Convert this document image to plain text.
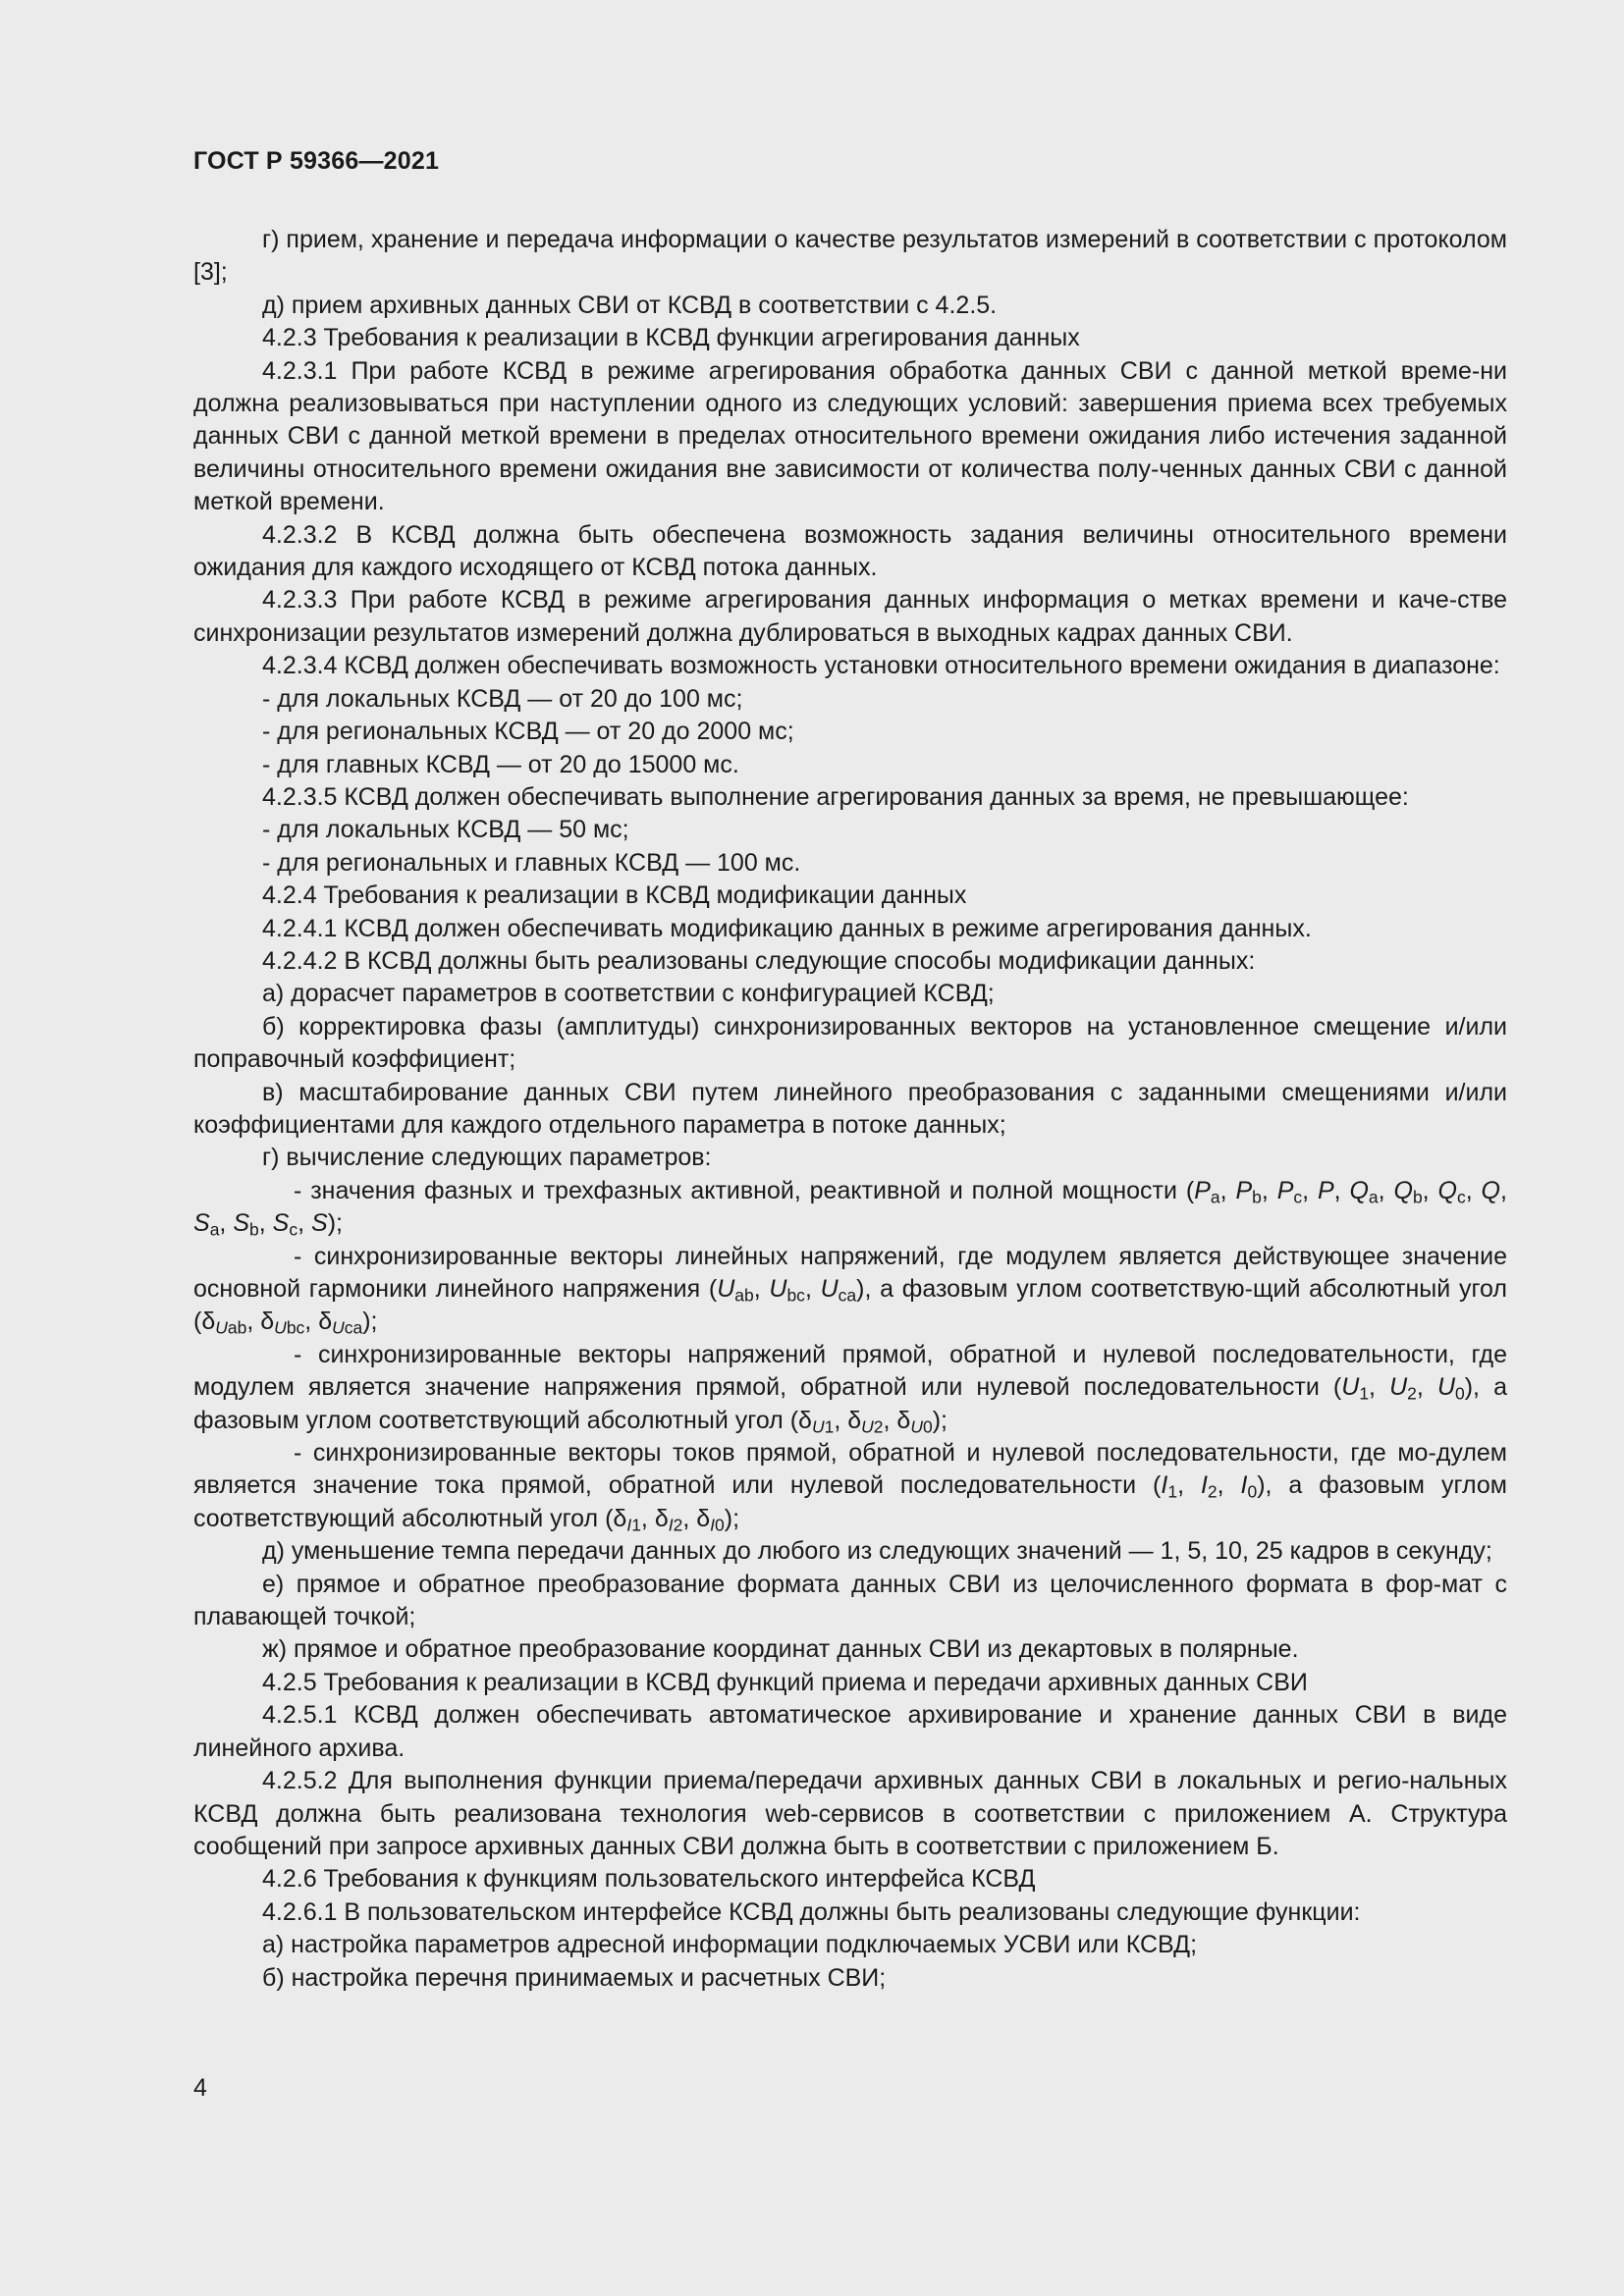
ГОСТ Р 59366—2021

г) прием, хранение и передача информации о качестве результатов измерений в соответствии с протоколом [3];

д) прием архивных данных СВИ от КСВД в соответствии с 4.2.5.

4.2.3 Требования к реализации в КСВД функции агрегирования данных

4.2.3.1 При работе КСВД в режиме агрегирования обработка данных СВИ с данной меткой време-ни должна реализовываться при наступлении одного из следующих условий: завершения приема всех требуемых данных СВИ с данной меткой времени в пределах относительного времени ожидания либо истечения заданной величины относительного времени ожидания вне зависимости от количества полу-ченных данных СВИ с данной меткой времени.

4.2.3.2 В КСВД должна быть обеспечена возможность задания величины относительного времени ожидания для каждого исходящего от КСВД потока данных.

4.2.3.3 При работе КСВД в режиме агрегирования данных информация о метках времени и каче-стве синхронизации результатов измерений должна дублироваться в выходных кадрах данных СВИ.

4.2.3.4 КСВД должен обеспечивать возможность установки относительного времени ожидания в диапазоне:

- для локальных КСВД — от 20 до 100 мс;

- для региональных КСВД — от 20 до 2000 мс;

- для главных КСВД — от 20 до 15000 мс.

4.2.3.5 КСВД должен обеспечивать выполнение агрегирования данных за время, не превышающее:

- для локальных КСВД — 50 мс;

- для региональных и главных КСВД — 100 мс.

4.2.4 Требования к реализации в КСВД модификации данных

4.2.4.1 КСВД должен обеспечивать модификацию данных в режиме агрегирования данных.

4.2.4.2 В КСВД должны быть реализованы следующие способы модификации данных:

а) дорасчет параметров в соответствии с конфигурацией КСВД;

б) корректировка фазы (амплитуды) синхронизированных векторов на установленное смещение и/или поправочный коэффициент;

в) масштабирование данных СВИ путем линейного преобразования с заданными смещениями и/или коэффициентами для каждого отдельного параметра в потоке данных;

г) вычисление следующих параметров:

- значения фазных и трехфазных активной, реактивной и полной мощности ($P_a$, $P_b$, $P_c$, P, $Q_a$, $Q_b$, $Q_c$, Q, $S_a$, $S_b$, $S_c$, S);

- синхронизированные векторы линейных напряжений, где модулем является действующее значение основной гармоники линейного напряжения ($U_{ab}$, $U_{bc}$, $U_{ca}$), а фазовым углом соответствую-щий абсолютный угол ($\delta_{Uab}$, $\delta_{Ubc}$, $\delta_{Uca}$);

- синхронизированные векторы напряжений прямой, обратной и нулевой последовательности, где модулем является значение напряжения прямой, обратной или нулевой последовательности ($U_1$, $U_2$, $U_0$), а фазовым углом соответствующий абсолютный угол ($\delta_{U1}$, $\delta_{U2}$, $\delta_{U0}$);

- синхронизированные векторы токов прямой, обратной и нулевой последовательности, где мо-дулем является значение тока прямой, обратной или нулевой последовательности ($I_1$, $I_2$, $I_0$), а фазовым углом соответствующий абсолютный угол ($\delta_{I1}$, $\delta_{I2}$, $\delta_{I0}$);

д) уменьшение темпа передачи данных до любого из следующих значений — 1, 5, 10, 25 кадров в секунду;

е) прямое и обратное преобразование формата данных СВИ из целочисленного формата в фор-мат с плавающей точкой;

ж) прямое и обратное преобразование координат данных СВИ из декартовых в полярные.

4.2.5 Требования к реализации в КСВД функций приема и передачи архивных данных СВИ

4.2.5.1 КСВД должен обеспечивать автоматическое архивирование и хранение данных СВИ в виде линейного архива.

4.2.5.2 Для выполнения функции приема/передачи архивных данных СВИ в локальных и регио-нальных КСВД должна быть реализована технология web-сервисов в соответствии с приложением А. Структура сообщений при запросе архивных данных СВИ должна быть в соответствии с приложением Б.

4.2.6 Требования к функциям пользовательского интерфейса КСВД

4.2.6.1 В пользовательском интерфейсе КСВД должны быть реализованы следующие функции:

а) настройка параметров адресной информации подключаемых УСВИ или КСВД;

б) настройка перечня принимаемых и расчетных СВИ;

4
